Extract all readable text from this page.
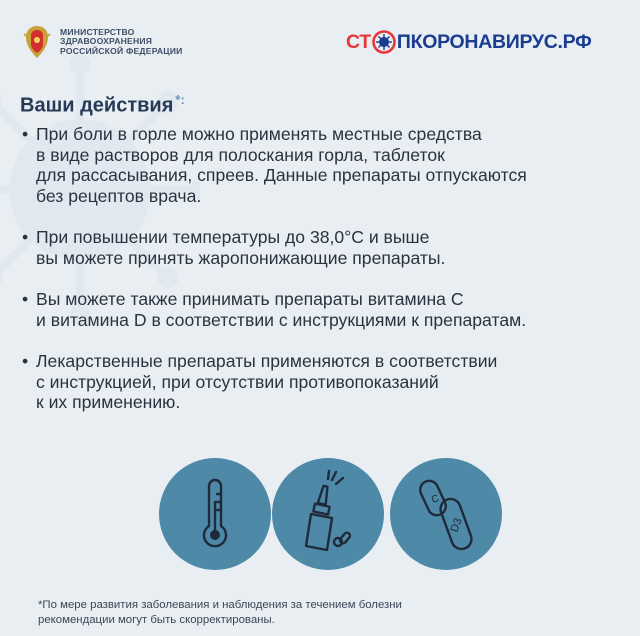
МИНИСТЕРСТВО
ЗДРАВООХРАНЕНИЯ
РОССИЙСКОЙ ФЕДЕРАЦИИ	СТ ПКОРОНАВИРУС.РФ
Ваши действия *:
• При боли в горле можно применять местные средства
в виде растворов для полоскания горла, таблеток
для рассасывания, спреев. Данные препараты отпускаются
без рецептов врача.
• При повышении температуры до 38,0°С и выше
вы можете принять жаропонижающие препараты.
• Вы можете также принимать препараты витамина С
и витамина D в соответствии с инструкциями к препаратам.
• Лекарственные препараты применяются в соответствии
с инструкцией, при отсутствии противопоказаний
к их применению.
C
D3
*По мере развития заболевания и наблюдения за течением болезни
рекомендации могут быть скорректированы.
